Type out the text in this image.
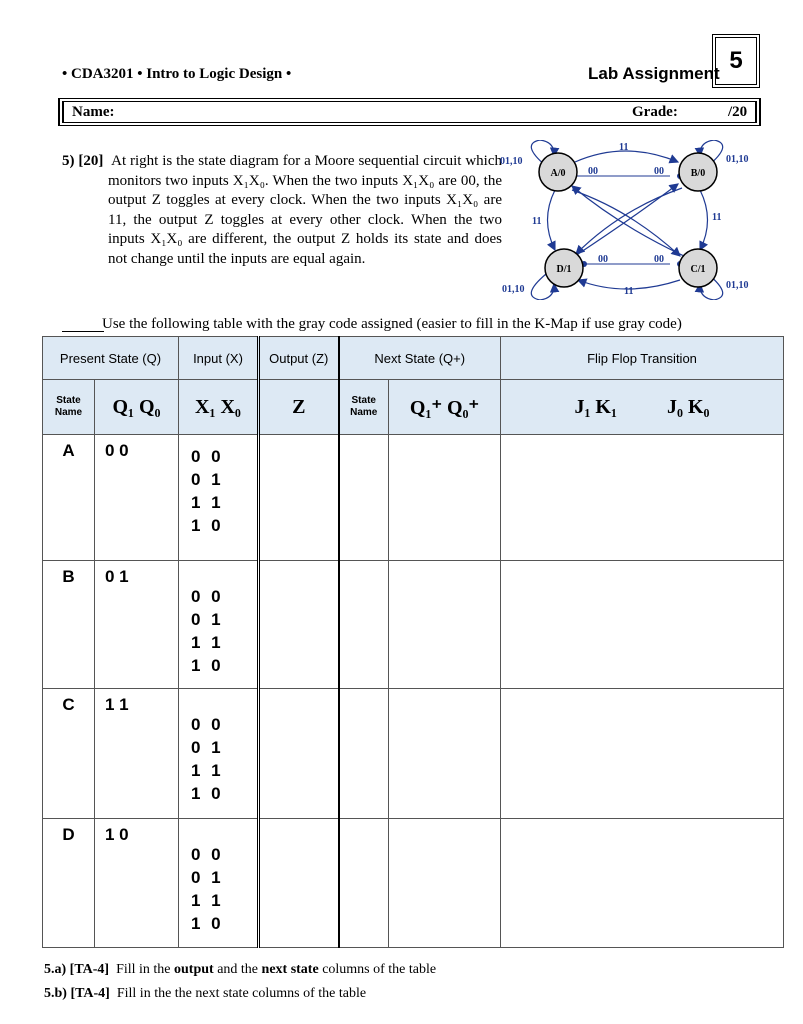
• CDA3201 • Intro to Logic Design •	Lab Assignment 5
Name:	Grade:	/20
5) [20] At right is the state diagram for a Moore sequential circuit which monitors two inputs X₁X₀. When the two inputs X₁X₀ are 00, the output Z toggles at every clock. When the two inputs X₁X₀ are 11, the output Z toggles at every other clock. When the two inputs X₁X₀ are different, the output Z holds its state and does not change until the inputs are equal again.
A/0	B/0
C/1
D/1
01,10	01,10
01,10	01,10
11
00	00
11	11
00	00
11
Use the following table with the gray code assigned (easier to fill in the K-Map if use gray code)
Present State (Q)		Input (X)	Output (Z)	Next State (Q+)		Flip Flop Transition
State Name	Q₁ Q₀	X₁ X₀	Z	State Name	Q₁⁺ Q₀⁺	J₁ K₁          J₀ K₀
A	0 0	0 0
0 1
1 1
1 0				

B	0 1	0 0
0 1
1 1
1 0				

C	1 1	0 0
0 1
1 1
1 0				

D	1 0	0 0
0 1
1 1
1 0				

5.a) [TA-4] Fill in the output and the next state columns of the table
5.b) [TA-4] Fill in the the next state columns of the table
